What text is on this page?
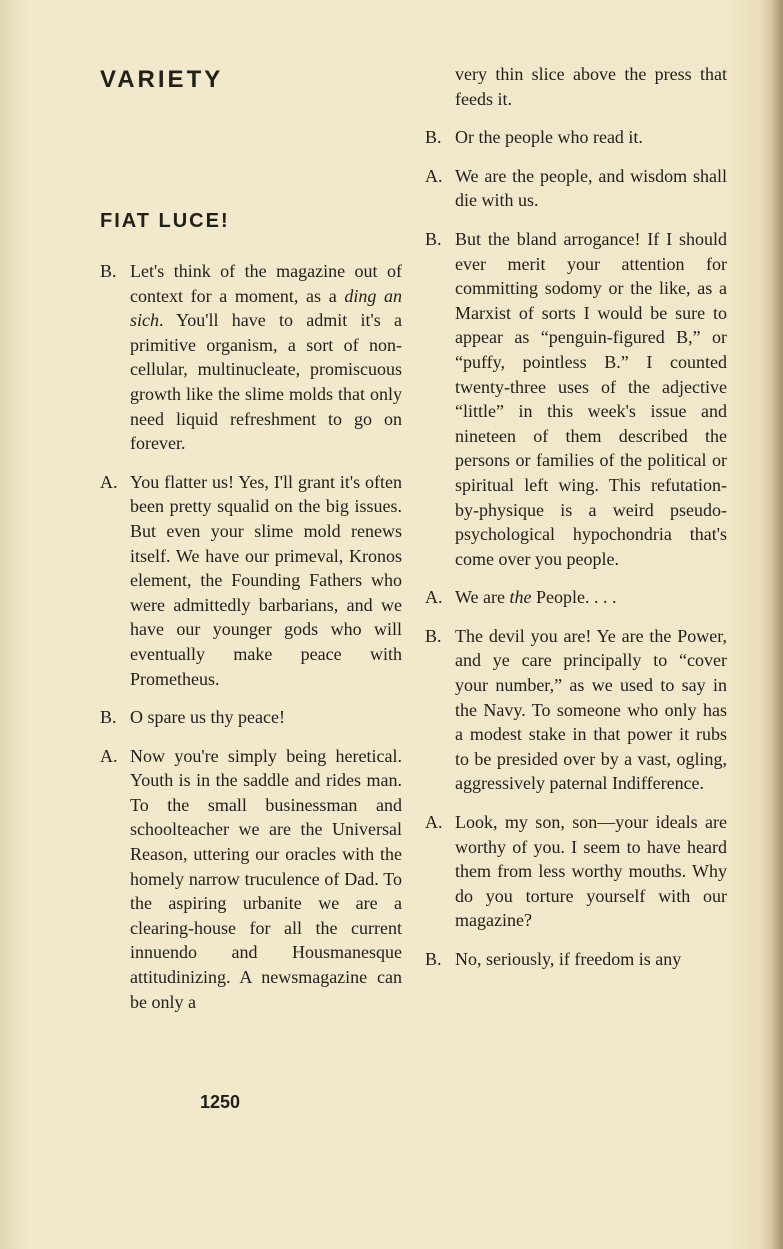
VARIETY
FIAT LUCE!

B. Let's think of the magazine out of context for a moment, as a ding an sich. You'll have to admit it's a primitive organism, a sort of non-cellular, multinucleate, promiscuous growth like the slime molds that only need liquid refreshment to go on forever.

A. You flatter us! Yes, I'll grant it's often been pretty squalid on the big issues. But even your slime mold renews itself. We have our primeval, Kronos element, the Founding Fathers who were admittedly barbarians, and we have our younger gods who will eventually make peace with Prometheus.

B. O spare us thy peace!

A. Now you're simply being heretical. Youth is in the saddle and rides man. To the small businessman and schoolteacher we are the Universal Reason, uttering our oracles with the homely narrow truculence of Dad. To the aspiring urbanite we are a clearing-house for all the current innuendo and Housmanesque attitudinizing. A newsmagazine can be only a

very thin slice above the press that feeds it.

B. Or the people who read it.

A. We are the people, and wisdom shall die with us.

B. But the bland arrogance! If I should ever merit your attention for committing sodomy or the like, as a Marxist of sorts I would be sure to appear as “penguin-figured B,” or “puffy, pointless B.” I counted twenty-three uses of the adjective “little” in this week's issue and nineteen of them described the persons or families of the political or spiritual left wing. This refutation-by-physique is a weird pseudo-psychological hypochondria that's come over you people.

A. We are the People. . . .

B. The devil you are! Ye are the Power, and ye care principally to “cover your number,” as we used to say in the Navy. To someone who only has a modest stake in that power it rubs to be presided over by a vast, ogling, aggressively paternal Indifference.

A. Look, my son, son—your ideals are worthy of you. I seem to have heard them from less worthy mouths. Why do you torture yourself with our magazine?

B. No, seriously, if freedom is any

1250
